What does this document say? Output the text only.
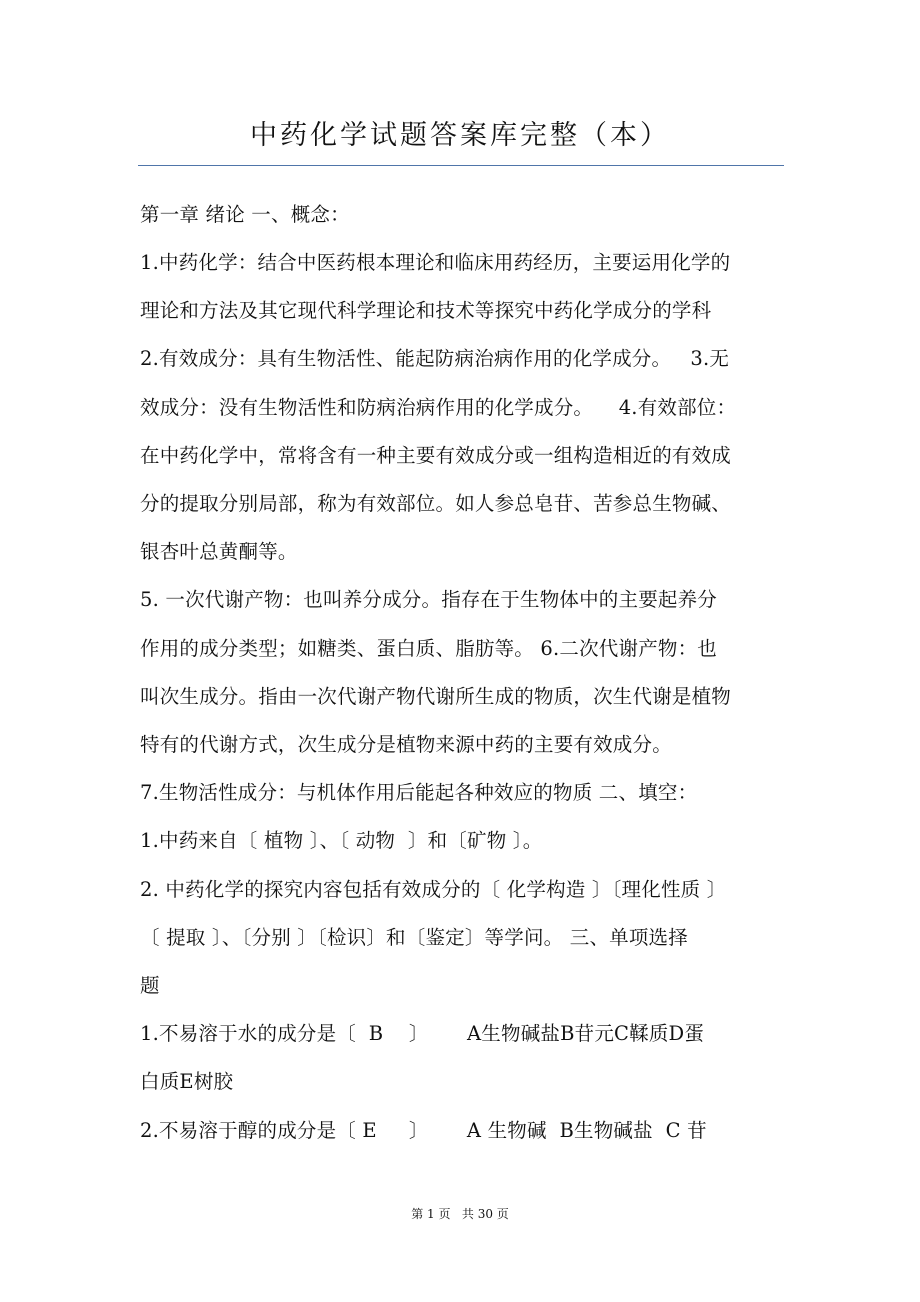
中药化学试题答案库完整（本）
第一章 绪论 一、概念：
1.中药化学：结合中医药根本理论和临床用药经历，主要运用化学的
理论和方法及其它现代科学理论和技术等探究中药化学成分的学科
2.有效成分：具有生物活性、能起防病治病作用的化学成分。   3.无
效成分：没有生物活性和防病治病作用的化学成分。    4.有效部位：
在中药化学中，常将含有一种主要有效成分或一组构造相近的有效成
分的提取分别局部，称为有效部位。如人参总皂苷、苦参总生物碱、
银杏叶总黄酮等。
5. 一次代谢产物：也叫养分成分。指存在于生物体中的主要起养分
作用的成分类型；如糖类、蛋白质、脂肪等。 6.二次代谢产物：也
叫次生成分。指由一次代谢产物代谢所生成的物质，次生代谢是植物
特有的代谢方式，次生成分是植物来源中药的主要有效成分。
7.生物活性成分：与机体作用后能起各种效应的物质 二、填空：
1.中药来自〔 植物 〕、〔 动物  〕和〔矿物 〕。
2. 中药化学的探究内容包括有效成分的〔 化学构造 〕〔理化性质 〕
〔 提取 〕、〔分别 〕〔检识〕和〔鉴定〕等学问。 三、单项选择
题
1.不易溶于水的成分是〔  B    〕      A生物碱盐B苷元C鞣质D蛋
白质E树胶
2.不易溶于醇的成分是〔 E     〕      A 生物碱  B生物碱盐  C 苷
第 1 页   共 30 页
